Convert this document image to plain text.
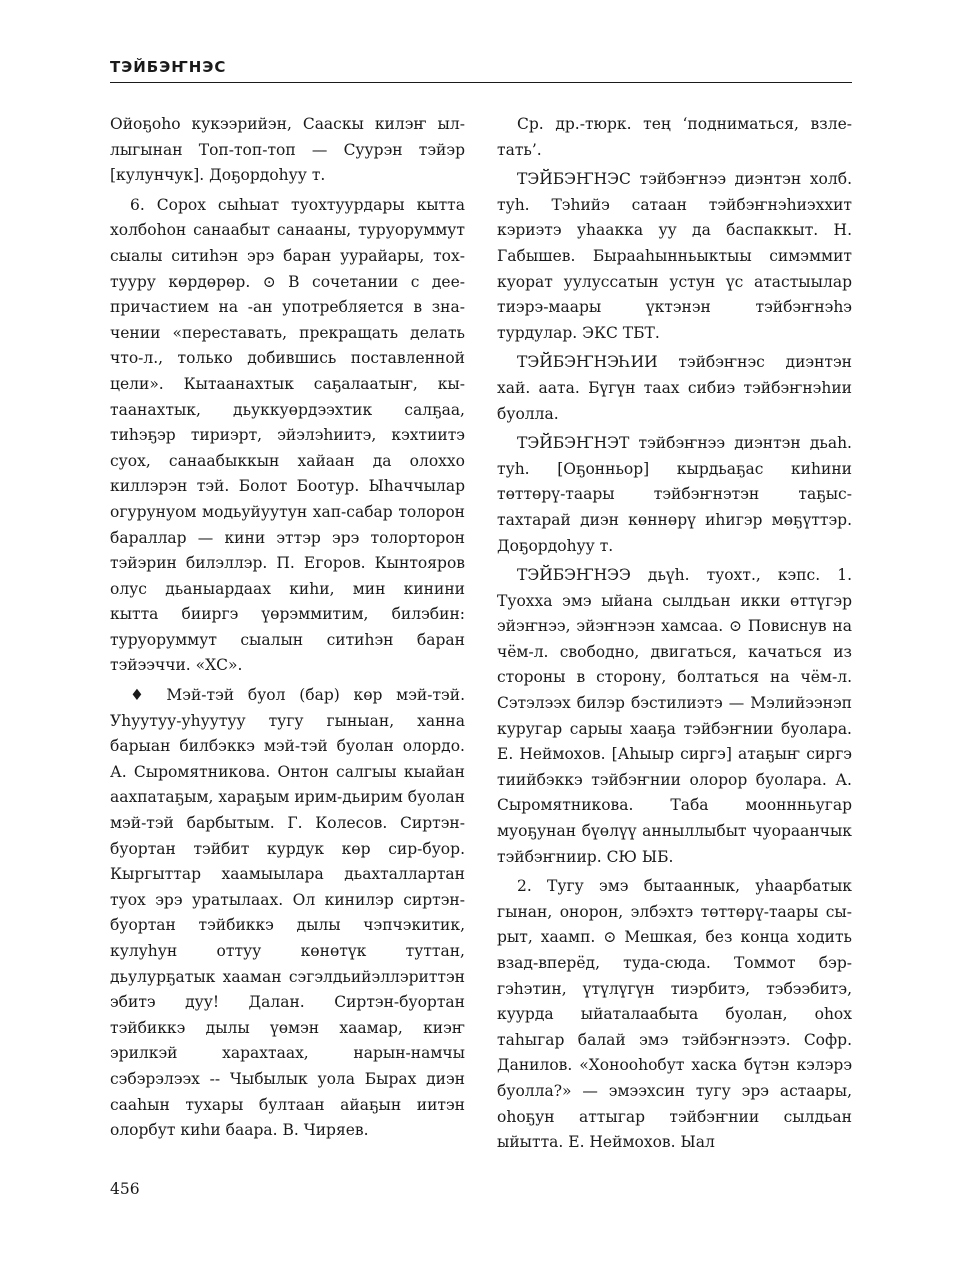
ТЭЙБЭҤНЭС

Ойоҕоһо кукээрийэн, Сааскы килэҥ ыллыгынан Топ-топ-топ — Суурэн тэйэр [кулунчук]. Доҕордоһуу т.

6. Сорох сыһыат туохтуурдары кытта холбоһон санаабыт санааны, туруоруммут сыалы ситиһэн эрэ баран уурайары, тохтууру көрдөрөр. ⊙ В сочетании с деепричастием на -ан употребляется в значении «переставать, прекращать делать что-л., только добившись поставленной цели». Кытаанахтык саҕалаатыҥ, кытаанахтык, дьуккуөрдээхтик салҕаа, тиһэҕэр тириэрт, эйэлэһиитэ, кэхтиитэ суох, санаабыккын хайаан да олоххо киллэрэн тэй. Болот Боотур. Ыһаччылар огурунуом модьуйуутун хап-сабар толорон бараллар — кини эттэр эрэ толорторон тэйэрин билэллэр. П. Егоров. Кынтояров олус дьаныардаах киһи, мин кинини кытта бииргэ үөрэммитим, билэбин: туруоруммут сыалын ситиһэн баран тэйээччи. «ХС».

♦ Мэй-тэй буол (бар) көр мэй-тэй. Уһуутуу-уһуутуу тугу гыныан, ханна барыан билбэккэ мэй-тэй буолан олордо. А. Сыромятникова. Онтон салгыы кыайан аахпатаҕым, хараҕым ирим-дьирим буолан мэй-тэй барбытым. Г. Колесов. Сиртэн-буортан тэйбит курдук көр сир-буор. Кыргыттар хаамыылара дьахталлартан туох эрэ уратылаах. Ол кинилэр сиртэн-буортан тэйбиккэ дылы чэпчэкитик, кулуһун оттуу көнөтүк туттан, дьулурҕатык хааман сэгэлдьийэллэриттэн эбитэ дуу! Далан. Сиртэн-буортан тэйбиккэ дылы үөмэн хаамар, киэҥ эрилкэй харахтаах, нарын-намчы сэбэрэлээх -- Чыбылык уола Бырах диэн сааһын тухары бултаан айаҕын иитэн олорбут киһи баара. В. Чиряев.

Ср. др.-тюрк. тең ‘подниматься, взлетать’.

ТЭЙБЭҤНЭС тэйбэҥнээ диэнтэн холб. туһ. Тэһийэ сатаан тэйбэҥнэһиэххит кэриэтэ уһаакка уу да баспаккыт. Н. Габышев. Бырааһынньыктыы симэммит куорат уулуссатын устун үс атастыылар тиэрэ-маары үктэнэн тэйбэҥнэһэ турдулар. ЭКС ТБТ.

ТЭЙБЭҤНЭҺИИ тэйбэҥнэс диэнтэн хай. аата. Бүгүн таах сибиэ тэйбэҥнэһии буолла.

ТЭЙБЭҤНЭТ тэйбэҥнээ диэнтэн дьаһ. туһ. [Оҕонньор] кырдьаҕас киһини төттөрү-таары тэйбэҥнэтэн таҕыстахтарай диэн көннөрү иһигэр мөҕүттэр. Доҕордоһуу т.

ТЭЙБЭҤНЭЭ дьүһ. туохт., кэпс. 1. Туохха эмэ ыйана сылдьан икки өттүгэр эйэҥнээ, эйэҥнээн хамсаа. ⊙ Повиснув на чём-л. свободно, двигаться, качаться из стороны в сторону, болтаться на чём-л. Сэтэлээх билэр бэстилиэтэ — Мэлийээнэп куругар сарыы хааҕа тэйбэҥнии буолара. Е. Неймохов. [Аһыыр сиргэ] атаҕыҥ сиргэ тиийбэккэ тэйбэҥнии олорор буолара. А. Сыромятникова. Таба мооннньугар муоҕунан бүөлүү анныллыбыт чуораанчык тэйбэҥниир. СЮ ЫБ.

2. Тугу эмэ бытааннык, уһаарбатык гынан, онорон, элбэхтэ төттөрү-таары сырыт, хаамп. ⊙ Мешкая, без конца ходить взад-вперёд, туда-сюда. Томмот бэргэһэтин, үтүлүгүн тиэрбитэ, тэбээбитэ, куурда ыйаталаабыта буолан, оһох таһыгар балай эмэ тэйбэҥнээтэ. Софр. Данилов. «Хонооһобут хаска бүтэн кэлэрэ буолла?» — эмээхсин тугу эрэ астаары, оһоҕун аттыгар тэйбэҥнии сылдьан ыйытта. Е. Неймохов. Ыал

456
